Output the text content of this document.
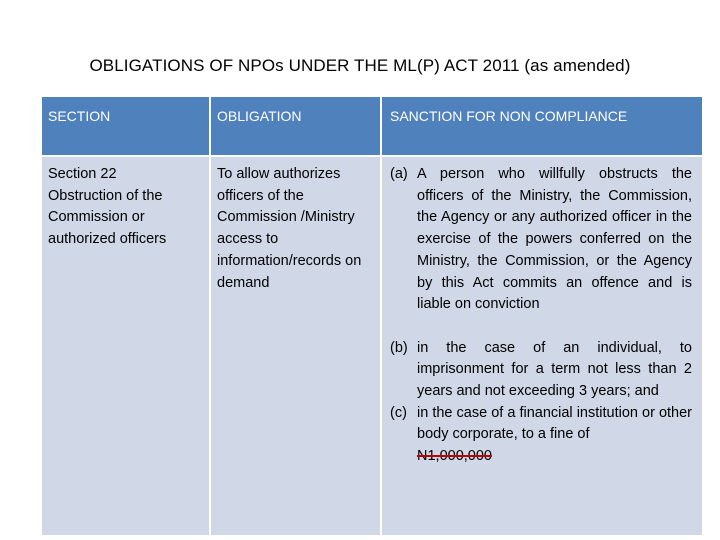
OBLIGATIONS OF NPOs UNDER THE ML(P) ACT 2011 (as amended)
SECTION	OBLIGATION	SANCTION FOR NON COMPLIANCE
Section 22
Obstruction of the Commission or authorized officers
To allow authorizes officers of the Commission /Ministry access to information/records on demand
(a) A person who willfully obstructs the officers of the Ministry, the Commission, the Agency or any authorized officer in the exercise of the powers conferred on the Ministry, the Commission, or the Agency by this Act commits an offence and is liable on conviction
(b) in the case of an individual, to imprisonment for a term not less than 2 years and not exceeding 3 years; and
(c) in the case of a financial institution or other body corporate, to a fine of
N1,000,000
